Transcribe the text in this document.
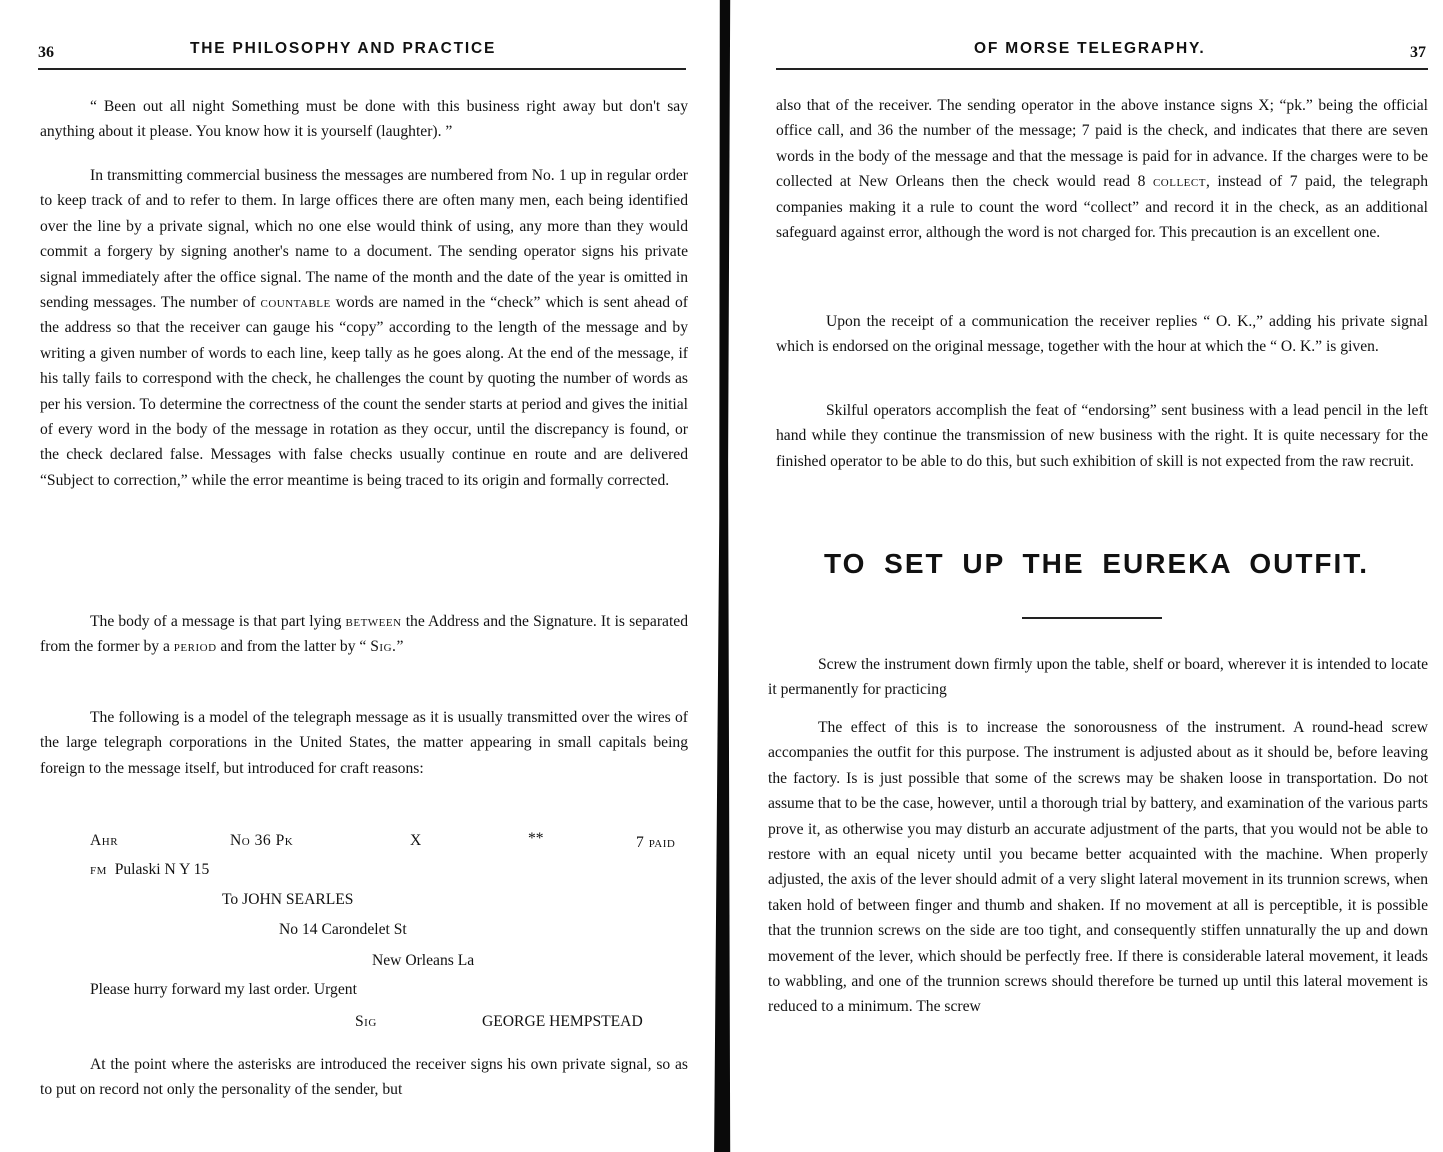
36	THE PHILOSOPHY AND PRACTICE
“ Been out all night Something must be done with this business right away but don't say anything about it please. You know how it is yourself (laughter). ”
In transmitting commercial business the messages are numbered from No. 1 up in regular order to keep track of and to refer to them. In large offices there are often many men, each being identified over the line by a private signal, which no one else would think of using, any more than they would commit a forgery by signing another's name to a document. The sending operator signs his private signal immediately after the office signal. The name of the month and the date of the year is omitted in sending messages. The number of countable words are named in the “check” which is sent ahead of the address so that the receiver can gauge his “copy” according to the length of the message and by writing a given number of words to each line, keep tally as he goes along. At the end of the message, if his tally fails to correspond with the check, he challenges the count by quoting the number of words as per his version. To determine the correctness of the count the sender starts at period and gives the initial of every word in the body of the message in rotation as they occur, until the discrepancy is found, or the check declared false. Messages with false checks usually continue en route and are delivered “Subject to correction,” while the error meantime is being traced to its origin and formally corrected.
The body of a message is that part lying between the Address and the Signature. It is separated from the former by a period and from the latter by “ Sig.”
The following is a model of the telegraph message as it is usually transmitted over the wires of the large telegraph corporations in the United States, the matter appearing in small capitals being foreign to the message itself, but introduced for craft reasons:
Ahr	No 36 Pk	X	**	7 paid
fm Pulaski N Y 15
To JOHN SEARLES
No 14 Carondelet St
New Orleans La
Please hurry forward my last order. Urgent
Sig	GEORGE HEMPSTEAD
At the point where the asterisks are introduced the receiver signs his own private signal, so as to put on record not only the personality of the sender, but
OF MORSE TELEGRAPHY.	37
also that of the receiver. The sending operator in the above instance signs X; “pk.” being the official office call, and 36 the number of the message; 7 paid is the check, and indicates that there are seven words in the body of the message and that the message is paid for in advance. If the charges were to be collected at New Orleans then the check would read 8 collect, instead of 7 paid, the telegraph companies making it a rule to count the word “collect” and record it in the check, as an additional safeguard against error, although the word is not charged for. This precaution is an excellent one.
Upon the receipt of a communication the receiver replies “ O. K.,” adding his private signal which is endorsed on the original message, together with the hour at which the “ O. K.” is given.
Skilful operators accomplish the feat of “endorsing” sent business with a lead pencil in the left hand while they continue the transmission of new business with the right. It is quite necessary for the finished operator to be able to do this, but such exhibition of skill is not expected from the raw recruit.
TO SET UP THE EUREKA OUTFIT.
Screw the instrument down firmly upon the table, shelf or board, wherever it is intended to locate it permanently for practicing
The effect of this is to increase the sonorousness of the instrument. A round-head screw accompanies the outfit for this purpose. The instrument is adjusted about as it should be, before leaving the factory. Is is just possible that some of the screws may be shaken loose in transportation. Do not assume that to be the case, however, until a thorough trial by battery, and examination of the various parts prove it, as otherwise you may disturb an accurate adjustment of the parts, that you would not be able to restore with an equal nicety until you became better acquainted with the machine. When properly adjusted, the axis of the lever should admit of a very slight lateral movement in its trunnion screws, when taken hold of between finger and thumb and shaken. If no movement at all is perceptible, it is possible that the trunnion screws on the side are too tight, and consequently stiffen unnaturally the up and down movement of the lever, which should be perfectly free. If there is considerable lateral movement, it leads to wabbling, and one of the trunnion screws should therefore be turned up until this lateral movement is reduced to a minimum. The screw
